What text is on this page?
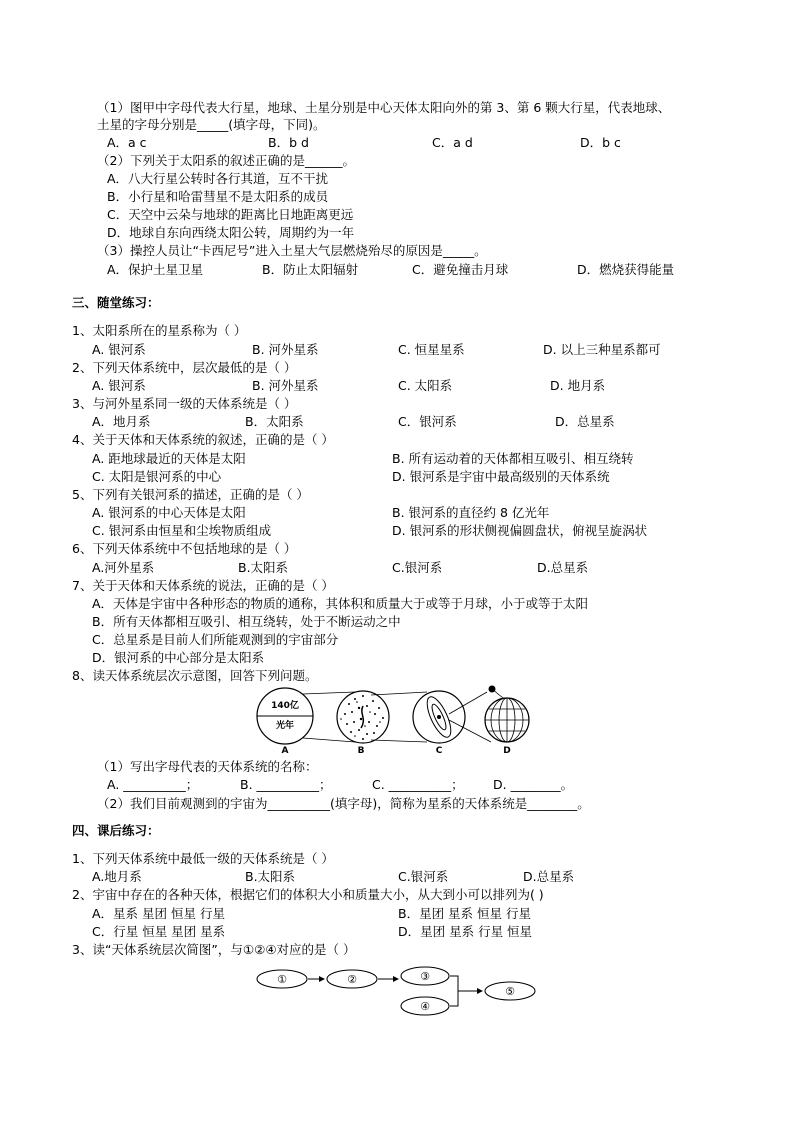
（1）图甲中字母代表大行星，地球、土星分别是中心天体太阳向外的第 3、第 6 颗大行星，代表地球、
土星的字母分别是_____(填字母，下同)。
A．a c	B．b d	C．a d	D．b c
（2）下列关于太阳系的叙述正确的是______。
A．八大行星公转时各行其道，互不干扰
B．小行星和哈雷彗星不是太阳系的成员
C．天空中云朵与地球的距离比日地距离更远
D．地球自东向西绕太阳公转，周期约为一年
（3）操控人员让“卡西尼号”进入土星大气层燃烧殆尽的原因是_____。
A．保护土星卫星	B．防止太阳辐射	C．避免撞击月球	D．燃烧获得能量
三、随堂练习：
1、太阳系所在的星系称为（ ）
A. 银河系	B. 河外星系	C. 恒星星系	D. 以上三种星系都可
2、下列天体系统中，层次最低的是（ ）
A. 银河系	B. 河外星系	C. 太阳系	D. 地月系
3、与河外星系同一级的天体系统是（ ）
A．地月系	B．太阳系	C．银河系	D．总星系
4、关于天体和天体系统的叙述，正确的是（ ）
A. 距地球最近的天体是太阳	B. 所有运动着的天体都相互吸引、相互绕转
C. 太阳是银河系的中心	D. 银河系是宇宙中最高级别的天体系统
5、下列有关银河系的描述，正确的是（ ）
A. 银河系的中心天体是太阳	B. 银河系的直径约 8 亿光年
C. 银河系由恒星和尘埃物质组成	D. 银河系的形状侧视偏圆盘状，俯视呈旋涡状
6、下列天体系统中不包括地球的是（ ）
A.河外星系	B.太阳系	C.银河系	D.总星系
7、关于天体和天体系统的说法，正确的是（ ）
A．天体是宇宙中各种形态的物质的通称，其体积和质量大于或等于月球，小于或等于太阳
B．所有天体都相互吸引、相互绕转，处于不断运动之中
C．总星系是目前人们所能观测到的宇宙部分
D．银河系的中心部分是太阳系
8、读天体系统层次示意图，回答下列问题。
140亿
光年
A	B	C	D
（1）写出字母代表的天体系统的名称：
A. __________；	B. __________；	C. __________； D. ________。
（2）我们目前观测到的宇宙为__________(填字母)，简称为星系的天体系统是________。
四、课后练习：
1、下列天体系统中最低一级的天体系统是（ ）
A.地月系	B.太阳系	C.银河系	D.总星系
2、宇宙中存在的各种天体，根据它们的体积大小和质量大小，从大到小可以排列为( )
A．星系 星团 恒星 行星	B．星团 星系 恒星 行星
C．行星 恒星 星团 星系	D．星团 星系 行星 恒星
3、读“天体系统层次简图”，与①②④对应的是（ ）
①	②	③
④
⑤
